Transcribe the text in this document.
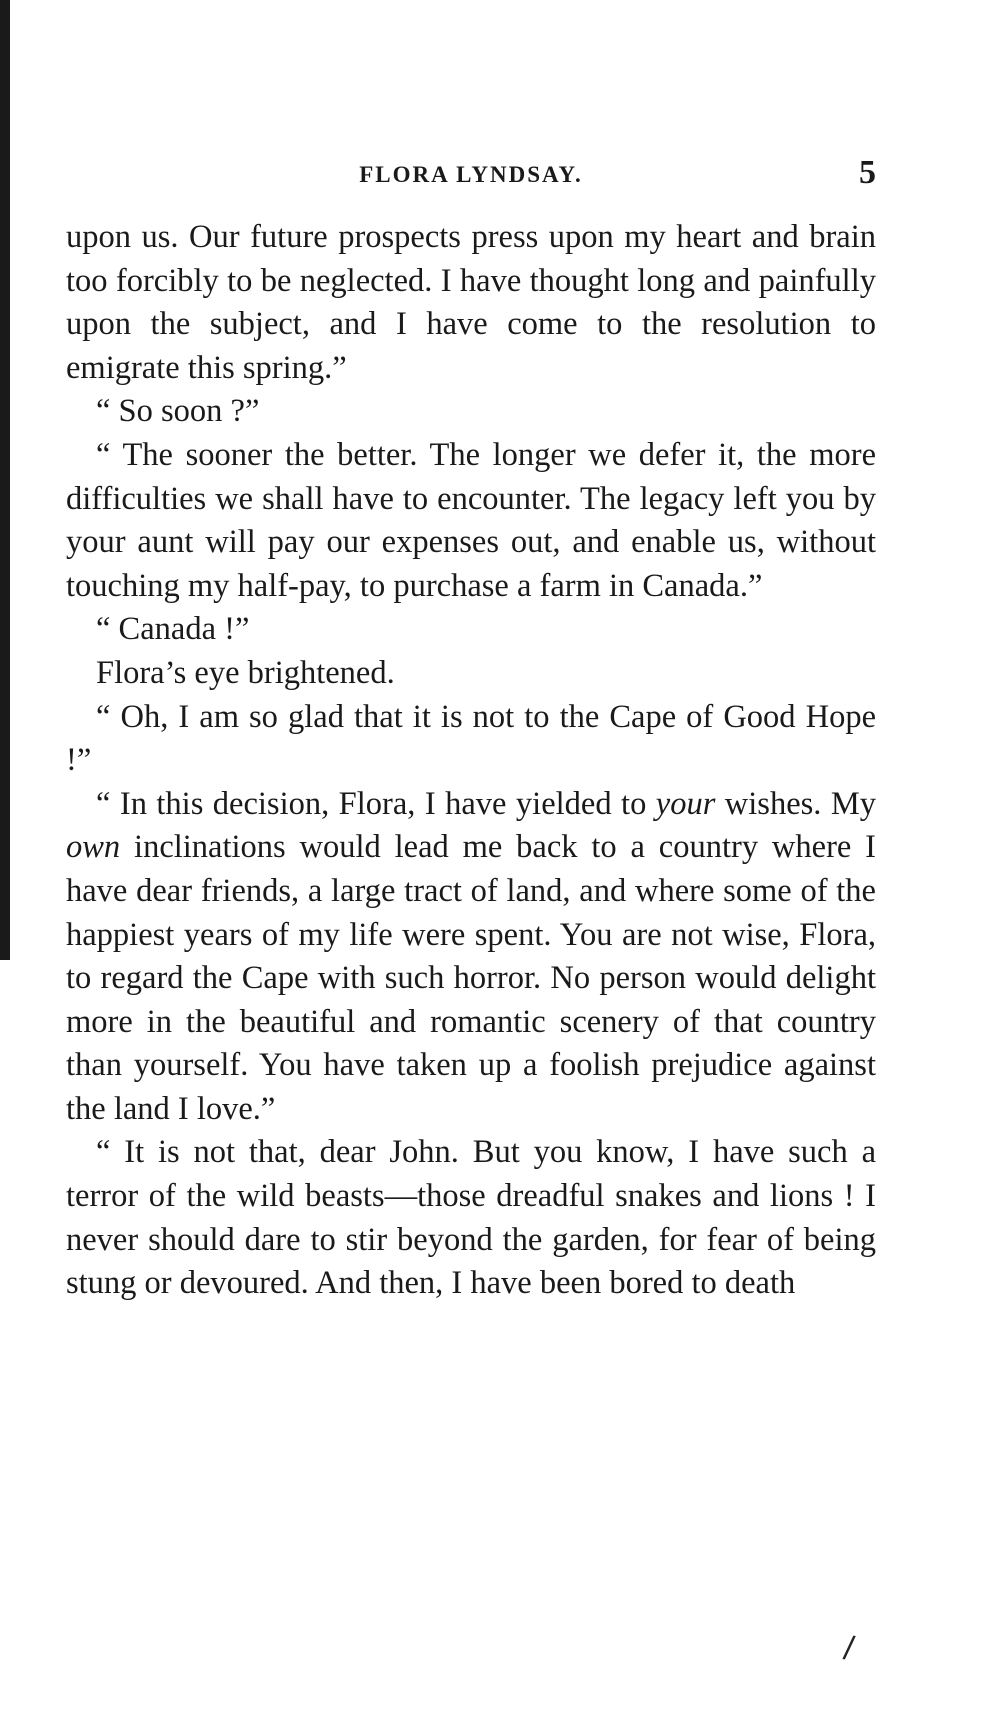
FLORA LYNDSAY.	5

upon us. Our future prospects press upon my heart and brain too forcibly to be neglected. I have thought long and painfully upon the subject, and I have come to the resolution to emigrate this spring.”

“ So soon ?”

“ The sooner the better. The longer we defer it, the more difficulties we shall have to encounter. The legacy left you by your aunt will pay our expenses out, and enable us, without touching my half-pay, to purchase a farm in Canada.”

“ Canada !”

Flora’s eye brightened.

“ Oh, I am so glad that it is not to the Cape of Good Hope !”

“ In this decision, Flora, I have yielded to your wishes. My own inclinations would lead me back to a country where I have dear friends, a large tract of land, and where some of the happiest years of my life were spent. You are not wise, Flora, to regard the Cape with such horror. No person would delight more in the beautiful and romantic scenery of that country than yourself. You have taken up a foolish prejudice against the land I love.”

“ It is not that, dear John. But you know, I have such a terror of the wild beasts—those dreadful snakes and lions ! I never should dare to stir beyond the garden, for fear of being stung or devoured. And then, I have been bored to death

/
